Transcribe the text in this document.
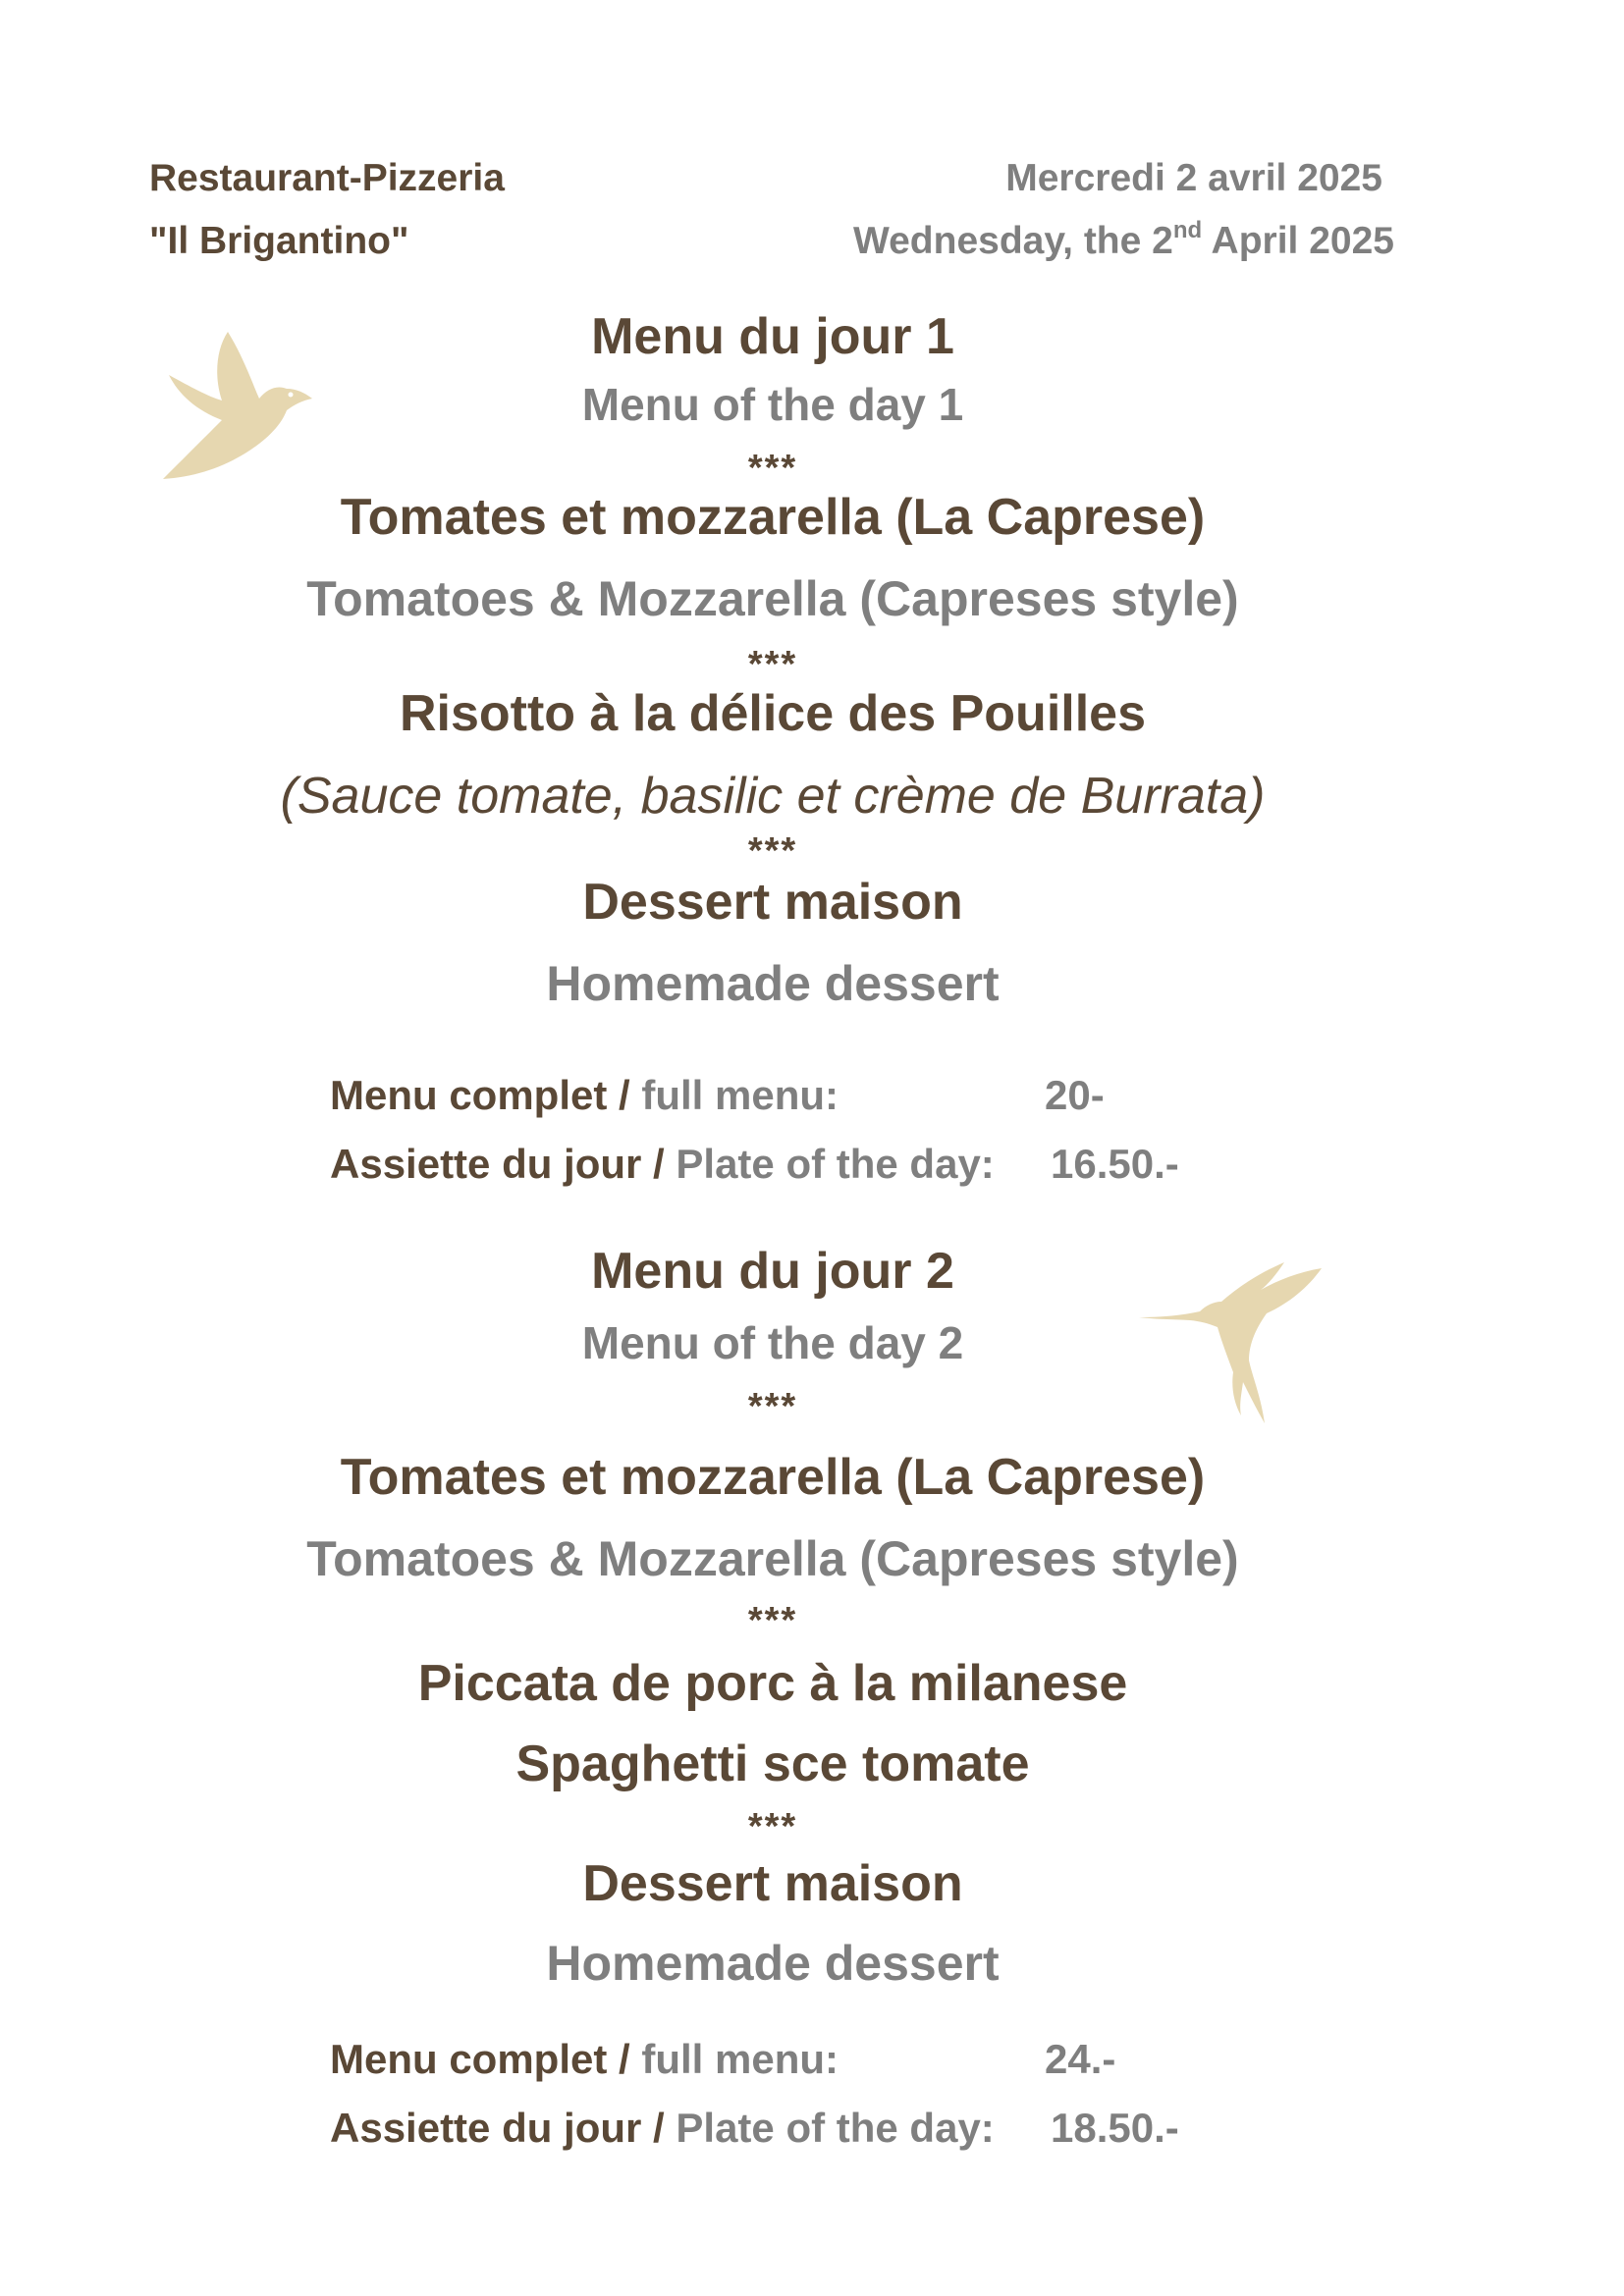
Restaurant-Pizzeria
"Il Brigantino"
Mercredi 2 avril 2025
Wednesday, the 2nd April 2025
Menu du jour 1
Menu of the day 1
***
Tomates et mozzarella (La Caprese)
Tomatoes & Mozzarella (Capreses style)
***
Risotto à la délice des Pouilles
***
(Sauce tomate, basilic et crème de Burrata)
Dessert maison
Homemade dessert
Menu complet / full menu:	20-
Assiette du jour / Plate of the day: 16.50.-
Menu du jour 2
Menu of the day 2
***
Tomates et mozzarella (La Caprese)
Tomatoes & Mozzarella (Capreses style)
***
Piccata de porc à la milanese
Spaghetti sce tomate
***
Dessert maison
Homemade dessert
Menu complet / full menu:	24.-
Assiette du jour / Plate of the day: 18.50.-
